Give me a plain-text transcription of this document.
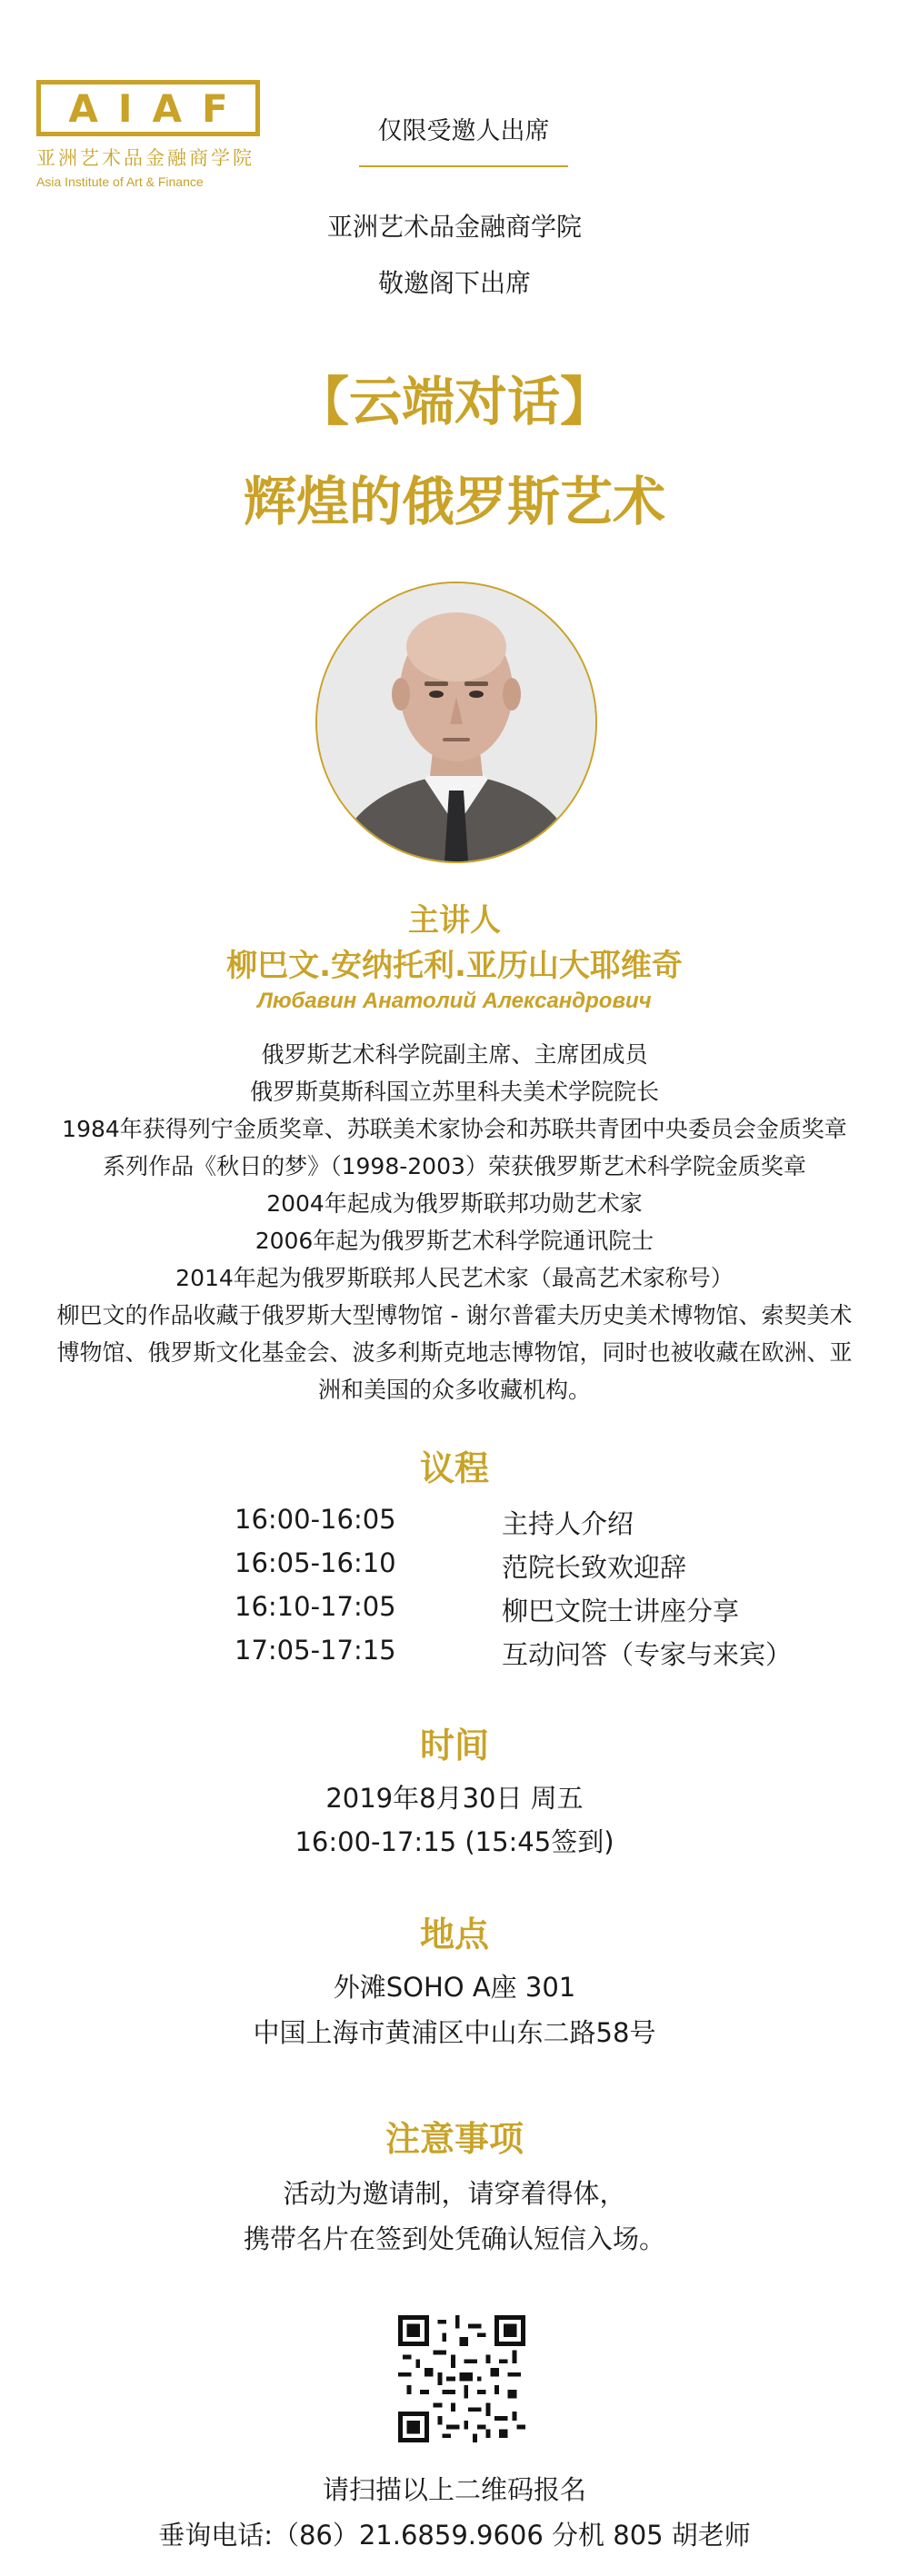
AIAF
亚洲艺术品金融商学院
Asia Institute of Art & Finance
仅限受邀人出席
亚洲艺术品金融商学院
敬邀阁下出席
【云端对话】
辉煌的俄罗斯艺术
主讲人
柳巴文.安纳托利.亚历山大耶维奇
Любавин Анатолий Александрович
俄罗斯艺术科学院副主席、主席团成员
俄罗斯莫斯科国立苏里科夫美术学院院长
1984年获得列宁金质奖章、苏联美术家协会和苏联共青团中央委员会金质奖章
系列作品《秋日的梦》（1998-2003）荣获俄罗斯艺术科学院金质奖章
2004年起成为俄罗斯联邦功勋艺术家
2006年起为俄罗斯艺术科学院通讯院士
2014年起为俄罗斯联邦人民艺术家（最高艺术家称号）
柳巴文的作品收藏于俄罗斯大型博物馆 - 谢尔普霍夫历史美术博物馆、索契美术
博物馆、俄罗斯文化基金会、波多利斯克地志博物馆，同时也被收藏在欧洲、亚
洲和美国的众多收藏机构。
议程
16:00-16:05	主持人介绍
16:05-16:10	范院长致欢迎辞
16:10-17:05	柳巴文院士讲座分享
17:05-17:15	互动问答（专家与来宾）
时间
2019年8月30日 周五
16:00-17:15 (15:45签到)
地点
外滩SOHO A座 301
中国上海市黄浦区中山东二路58号
注意事项
活动为邀请制，请穿着得体，
携带名片在签到处凭确认短信入场。
请扫描以上二维码报名
垂询电话:（86）21.6859.9606 分机 805 胡老师
